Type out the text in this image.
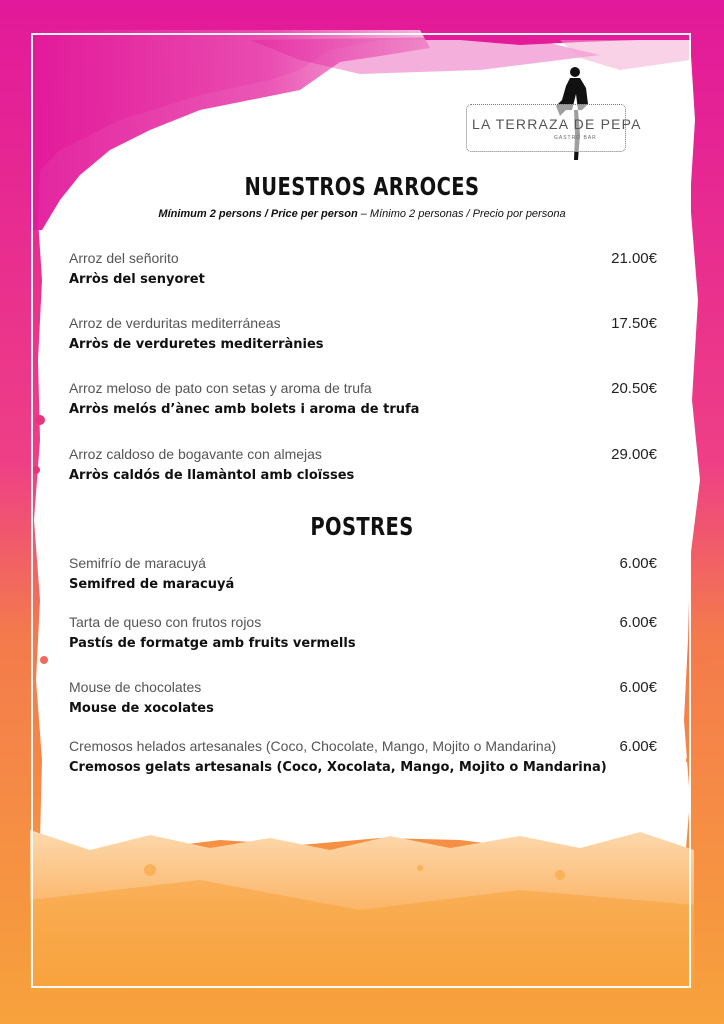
LA TERRAZA DE PEPA
GASTRO BAR
NUESTROS ARROCES
Mínimum 2 persons / Price per person – Mínimo 2 personas / Precio por persona
Arroz del señorito
Arròs del senyoret
21.00€
Arroz de verduritas mediterráneas
Arròs de verduretes mediterrànies
17.50€
Arroz meloso de pato con setas y aroma de trufa
Arròs melós d’ànec amb bolets i aroma de trufa
20.50€
Arroz caldoso de bogavante con almejas
Arròs caldós de llamàntol amb cloïsses
29.00€
POSTRES
Semifrío de maracuyá
Semifred de maracuyá
6.00€
Tarta de queso con frutos rojos
Pastís de formatge amb fruits vermells
6.00€
Mouse de chocolates
Mouse de xocolates
6.00€
Cremosos helados artesanales (Coco, Chocolate, Mango, Mojito o Mandarina)
Cremosos gelats artesanals (Coco, Xocolata, Mango, Mojito o Mandarina)
6.00€
